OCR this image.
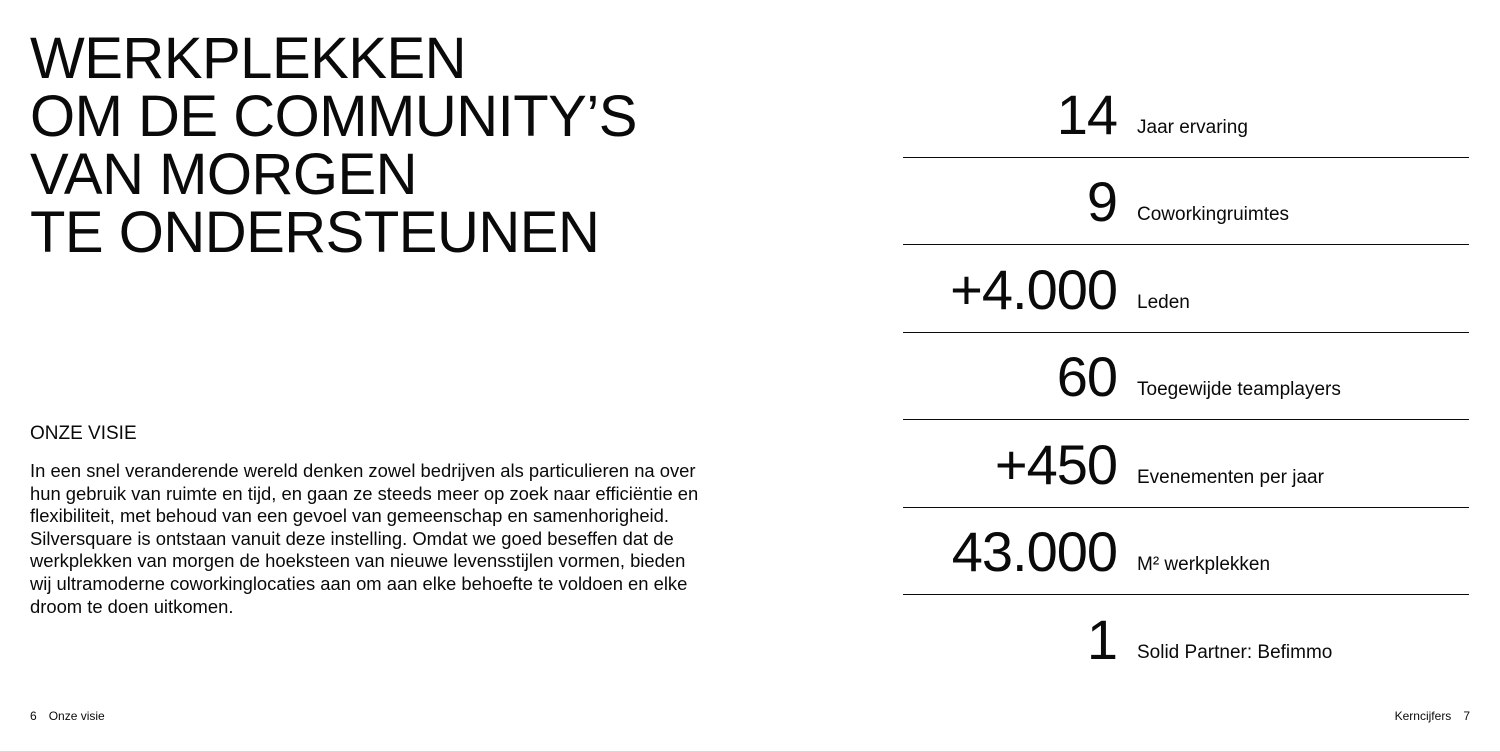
WERKPLEKKEN
OM DE COMMUNITY’S
VAN MORGEN
TE ONDERSTEUNEN
ONZE VISIE

In een snel veranderende wereld denken zowel bedrijven als particulieren na over hun gebruik van ruimte en tijd, en gaan ze steeds meer op zoek naar efficiëntie en flexibiliteit, met behoud van een gevoel van gemeenschap en samenhorigheid. Silversquare is ontstaan vanuit deze instelling. Omdat we goed beseffen dat de werkplekken van morgen de hoeksteen van nieuwe levensstijlen vormen, bieden wij ultramoderne coworkinglocaties aan om aan elke behoefte te voldoen en elke droom te doen uitkomen.

6 Onze visie	Kerncijfers 7
14 Jaar ervaring
9 Coworkingruimtes
+4.000 Leden
60 Toegewijde teamplayers
+450 Evenementen per jaar
43.000 M² werkplekken
1 Solid Partner: Befimmo
